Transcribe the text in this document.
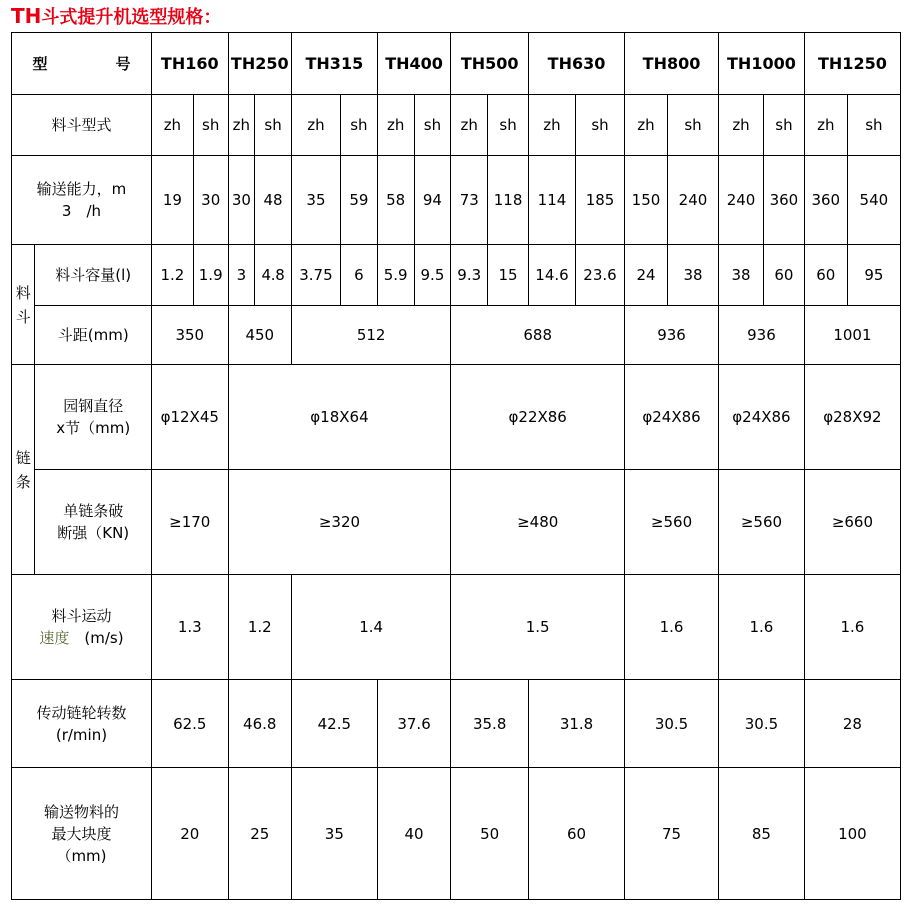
TH斗式提升机选型规格：
型 号		TH160		TH250		TH315		TH400		TH500		TH630		TH800		TH1000		TH1250	
料斗型式		zh	sh	zh	sh	zh	sh	zh	sh	zh	sh	zh	sh	zh	sh	zh	sh	zh	sh

输送能力，m
3　/h		19	30	30	48	35	59	58	94	73	118	114	185	150	240	240	360	360	540

料
斗	料斗容量(l)	1.2	1.9	3	4.8	3.75	6	5.9	9.5	9.3	15	14.6	23.6	24	38	38	60	60	95
	斗距(mm)	350		450		512				688				936		936		1001	

链
条	园钢直径
x节（mm)	φ12X45		φ18X64						φ22X86				φ24X86		φ24X86		φ28X92	

	单链条破
断强（KN)	≥170		≥320						≥480				≥560		≥560		≥660	

料斗运动
速度　 (m/s)		1.3		1.2		1.4				1.5				1.6		1.6		1.6	

传动链轮转数
(r/min)		62.5		46.8		42.5		37.6		35.8		31.8		30.5		30.5		28	

输送物料的
最大块度
（mm)		20		25		35		40		50		60		75		85		100	
